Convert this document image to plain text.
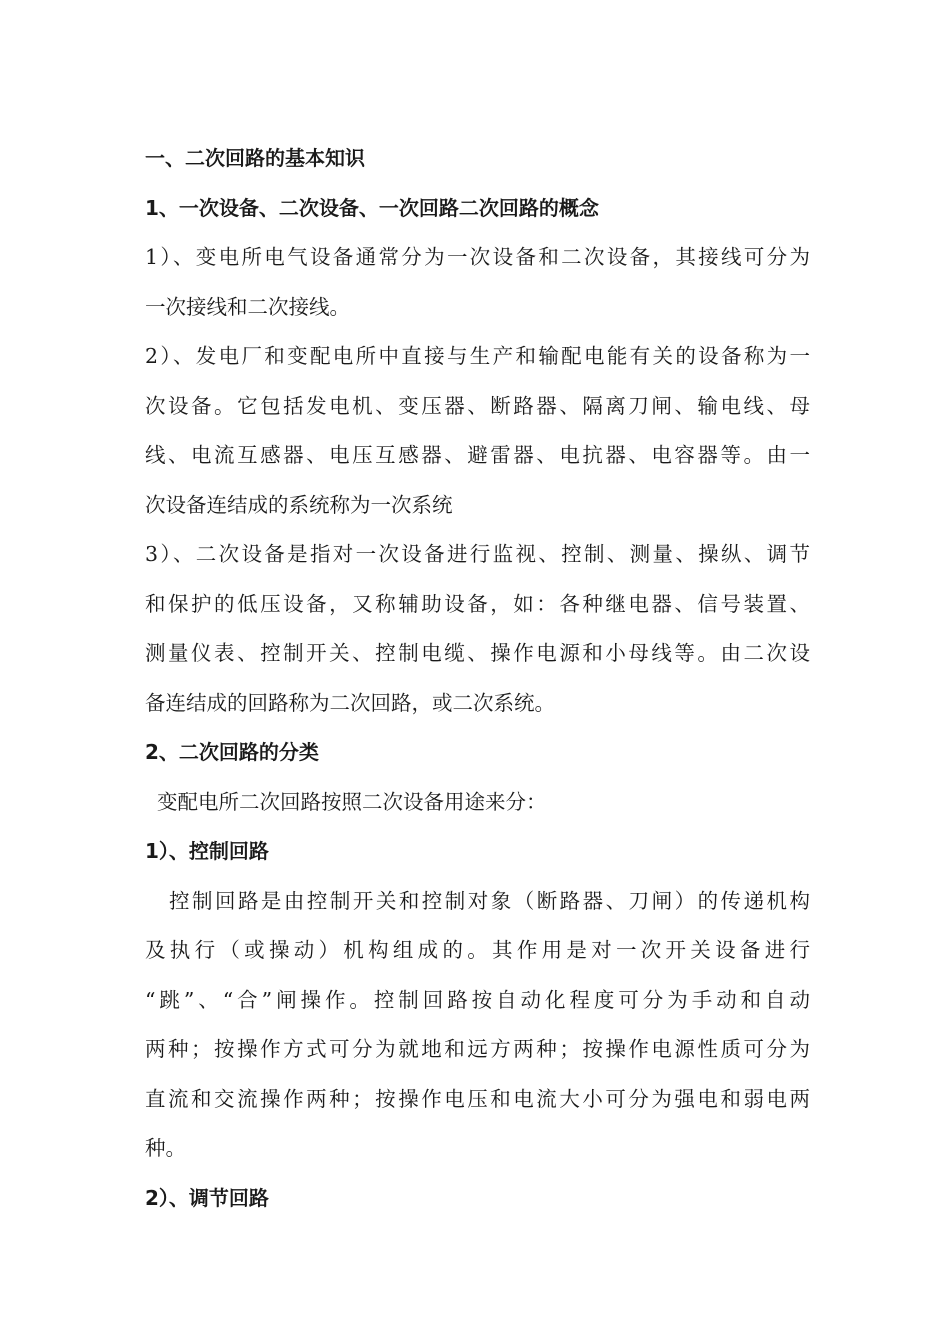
一、二次回路的基本知识
1、一次设备、二次设备、一次回路二次回路的概念
1）、变电所电气设备通常分为一次设备和二次设备，其接线可分为
一次接线和二次接线。
2）、发电厂和变配电所中直接与生产和输配电能有关的设备称为一
次设备。它包括发电机、变压器、断路器、隔离刀闸、输电线、母
线、电流互感器、电压互感器、避雷器、电抗器、电容器等。由一
次设备连结成的系统称为一次系统
3）、二次设备是指对一次设备进行监视、控制、测量、操纵、调节
和保护的低压设备，又称辅助设备，如：各种继电器、信号装置、
测量仪表、控制开关、控制电缆、操作电源和小母线等。由二次设
备连结成的回路称为二次回路，或二次系统。
2、二次回路的分类
变配电所二次回路按照二次设备用途来分：
1）、控制回路
控制回路是由控制开关和控制对象（断路器、刀闸）的传递机构
及执行（或操动）机构组成的。其作用是对一次开关设备进行
“跳”、“合”闸操作。控制回路按自动化程度可分为手动和自动
两种；按操作方式可分为就地和远方两种；按操作电源性质可分为
直流和交流操作两种；按操作电压和电流大小可分为强电和弱电两
种。
2）、调节回路
